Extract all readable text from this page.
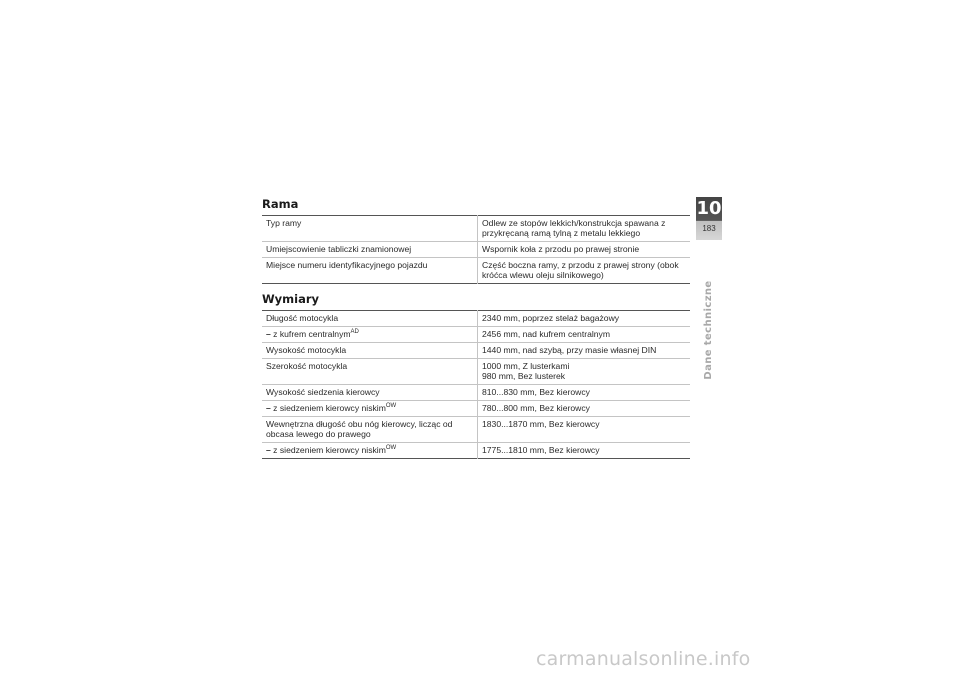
Rama
Typ ramy	Odlew ze stopów lekkich/konstrukcja spawana z przykręcaną ramą tylną z metalu lekkiego
Umiejscowienie tabliczki znamionowej	Wspornik koła z przodu po prawej stronie
Miejsce numeru identyfikacyjnego pojazdu	Część boczna ramy, z przodu z prawej strony (obok króćca wlewu oleju silnikowego)
Wymiary
Długość motocykla	2340 mm, poprzez stelaż bagażowy
– z kufrem centralnym$^{AD}$	2456 mm, nad kufrem centralnym
Wysokość motocykla	1440 mm, nad szybą, przy masie własnej DIN
Szerokość motocykla	1000 mm, Z lusterkami
980 mm, Bez lusterek

Wysokość siedzenia kierowcy	810...830 mm, Bez kierowcy
– z siedzeniem kierowcy niskim$^{OW}$	780...800 mm, Bez kierowcy
Wewnętrzna długość obu nóg kierowcy, licząc od obcasa lewego do prawego	1830...1870 mm, Bez kierowcy
– z siedzeniem kierowcy niskim$^{OW}$	1775...1810 mm, Bez kierowcy
10
183
Dane techniczne
carmanualsonline.info
